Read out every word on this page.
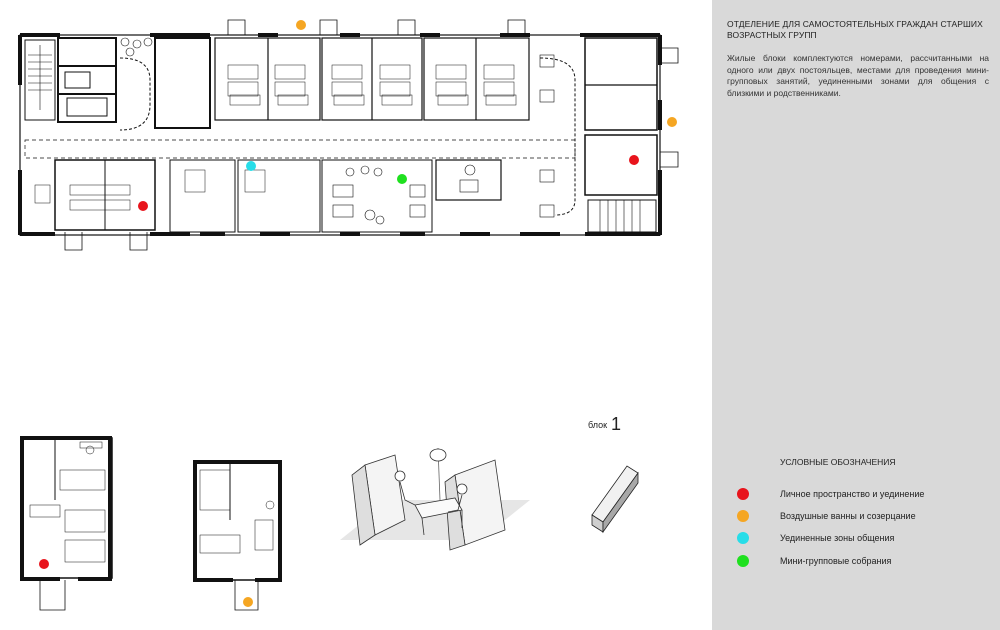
блок 1
ОТДЕЛЕНИЕ ДЛЯ САМОСТОЯТЕЛЬНЫХ ГРАЖДАН СТАРШИХ ВОЗРАСТНЫХ ГРУПП
Жилые блоки комплектуются номерами, рассчитанными на одного или двух постояльцев, местами для проведения мини-групповых занятий, уединенными зонами для общения с близкими и родственниками.
УСЛОВНЫЕ ОБОЗНАЧЕНИЯ
Личное пространство и уединение
Воздушные ванны и созерцание
Уединенные зоны общения
Мини-групповые собрания
